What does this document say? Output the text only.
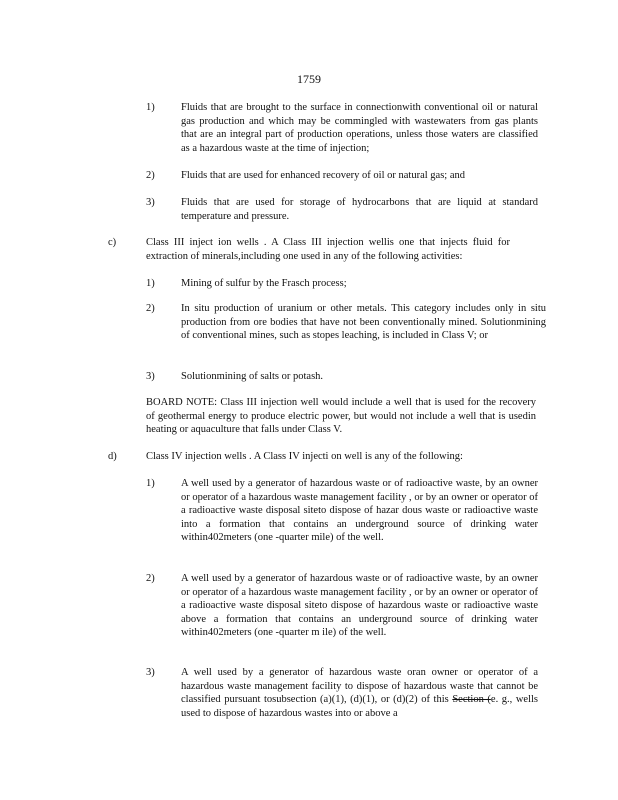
1759
1)	Fluids that are brought to the surface in connectionwith conventional oil or natural gas production and which may be commingled with wastewaters from gas plants that are an integral part of production operations, unless those waters are classified as a hazardous waste at the time of injection;
2)	Fluids that are used for enhanced recovery of oil or natural gas; and
3)	Fluids that are used for storage of hydrocarbons that are liquid at standard temperature and pressure.
c)	Class III inject ion wells . A Class III injection wellis one that injects fluid for extraction of minerals,including one used in any of the following activities:
1)	Mining of sulfur by the Frasch process;
2)	In situ production of uranium or other metals. This category includes only in situ production from ore bodies that have not been conventionally mined. Solutionmining of conventional mines, such as stopes leaching, is included in Class V; or
3)	Solutionmining of salts or potash.
BOARD NOTE: Class III injection well would include a well that is used for the recovery of geothermal energy to produce electric power, but would not include a well that is usedin heating or aquaculture that falls under Class V.
d)	Class IV injection wells . A Class IV injecti on well is any of the following:
1)	A well used by a generator of hazardous waste or of radioactive waste, by an owner or operator of a hazardous waste management facility , or by an owner or operator of a radioactive waste disposal siteto dispose of hazar dous waste or radioactive waste into a formation that contains an underground source of drinking water within402meters (one -quarter mile) of the well.
2)	A well used by a generator of hazardous waste or of radioactive waste, by an owner or operator of a hazardous waste management facility , or by an owner or operator of a radioactive waste disposal siteto dispose of hazardous waste or radioactive waste above a formation that contains an underground source of drinking water within402meters (one -quarter m ile) of the well.
3)	A well used by a generator of hazardous waste oran owner or operator of a hazardous waste management facility to dispose of hazardous waste that cannot be classified pursuant tosubsection (a)(1), (d)(1), or (d)(2) of this Section (e. g., wells used to dispose of hazardous wastes into or above a
